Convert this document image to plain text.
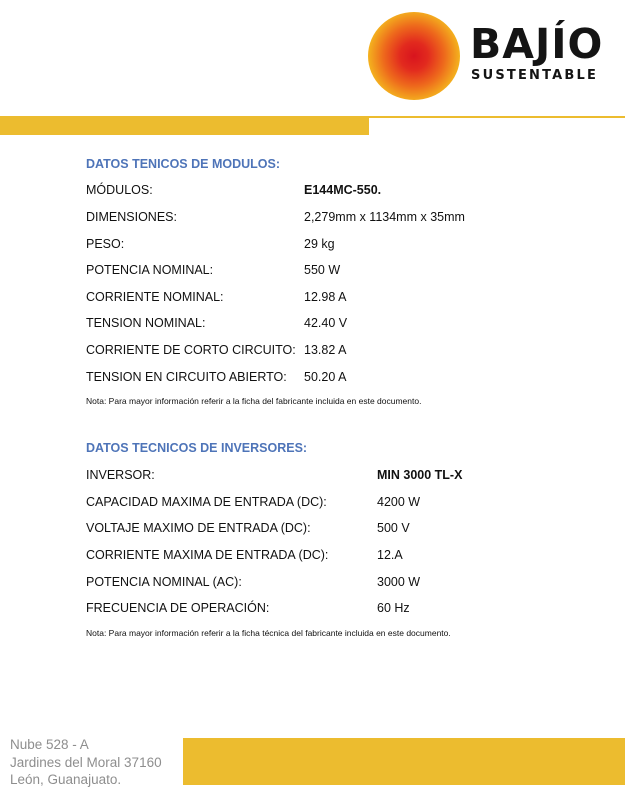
BAJÍO
SUSTENTABLE
DATOS TENICOS DE MODULOS:
MÓDULOS:	E144MC-550.
DIMENSIONES:	2,279mm x 1134mm x 35mm
PESO:	29 kg
POTENCIA NOMINAL:	550 W
CORRIENTE NOMINAL:	12.98 A
TENSION NOMINAL:	42.40 V
CORRIENTE DE CORTO CIRCUITO: 13.82 A
TENSION EN CIRCUITO ABIERTO: 50.20 A
Nota: Para mayor información referir a la ficha del fabricante incluida en este documento.
DATOS TECNICOS DE INVERSORES:
INVERSOR:	MIN 3000 TL-X
CAPACIDAD MAXIMA DE ENTRADA (DC):	4200 W
VOLTAJE MAXIMO DE ENTRADA (DC):	500 V
CORRIENTE MAXIMA DE ENTRADA (DC):	12.A
POTENCIA NOMINAL (AC):	3000 W
FRECUENCIA DE OPERACIÓN:	60 Hz
Nota: Para mayor información referir a la ficha técnica del fabricante incluida en este documento.
Nube 528 - A
Jardines del Moral 37160
León, Guanajuato.
